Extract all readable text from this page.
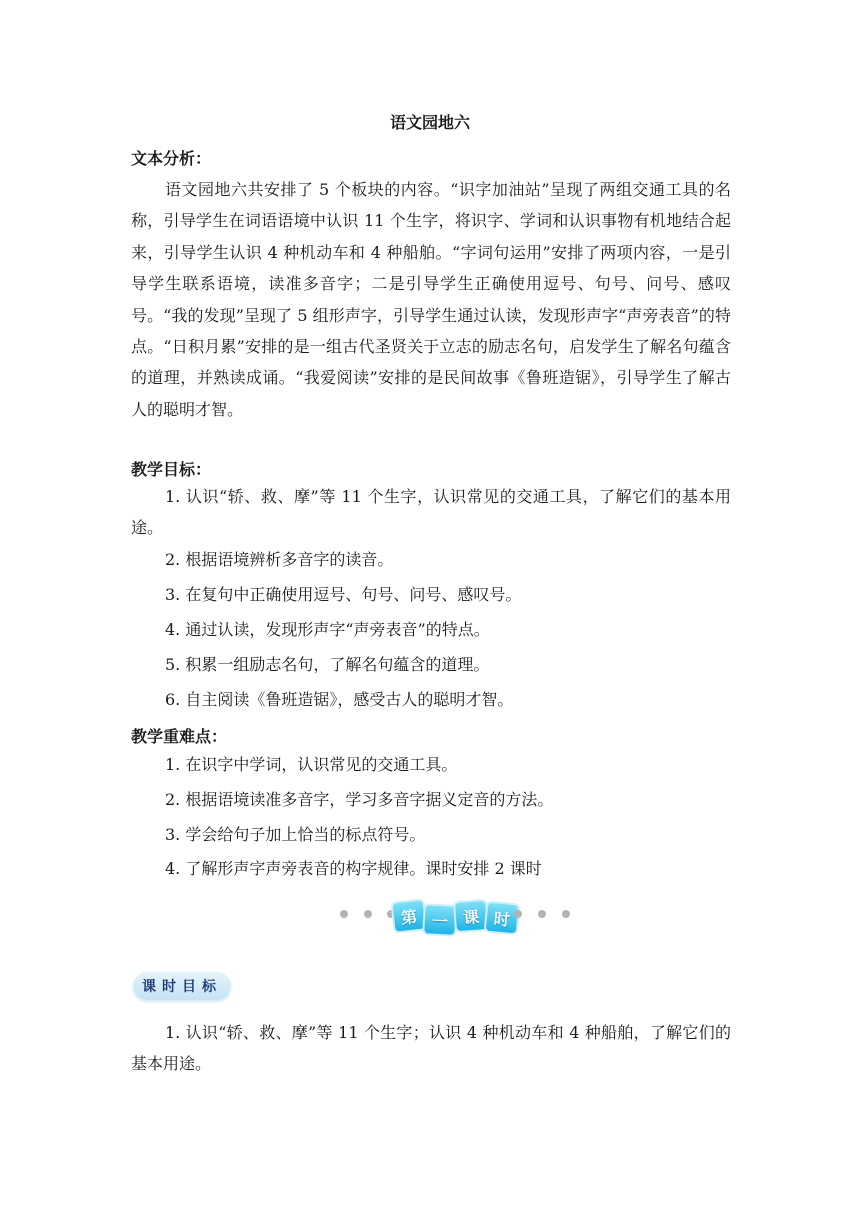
语文园地六
文本分析：

语文园地六共安排了 5 个板块的内容。“识字加油站”呈现了两组交通工具的名称，引导学生在词语语境中认识 11 个生字，将识字、学词和认识事物有机地结合起来，引导学生认识 4 种机动车和 4 种船舶。“字词句运用”安排了两项内容，一是引导学生联系语境，读准多音字；二是引导学生正确使用逗号、句号、问号、感叹号。“我的发现”呈现了 5 组形声字，引导学生通过认读，发现形声字“声旁表音”的特点。“日积月累”安排的是一组古代圣贤关于立志的励志名句，启发学生了解名句蕴含的道理，并熟读成诵。“我爱阅读”安排的是民间故事《鲁班造锯》，引导学生了解古人的聪明才智。

教学目标：

1. 认识“轿、救、摩”等 11 个生字，认识常见的交通工具，了解它们的基本用途。

2. 根据语境辨析多音字的读音。

3. 在复句中正确使用逗号、句号、问号、感叹号。

4. 通过认读，发现形声字“声旁表音”的特点。

5. 积累一组励志名句，了解名句蕴含的道理。

6. 自主阅读《鲁班造锯》，感受古人的聪明才智。

教学重难点：

1. 在识字中学词，认识常见的交通工具。

2. 根据语境读准多音字，学习多音字据义定音的方法。

3. 学会给句子加上恰当的标点符号。

4. 了解形声字声旁表音的构字规律。课时安排 2 课时

第 一 课 时
课时目标

1. 认识“轿、救、摩”等 11 个生字；认识 4 种机动车和 4 种船舶，了解它们的基本用途。
